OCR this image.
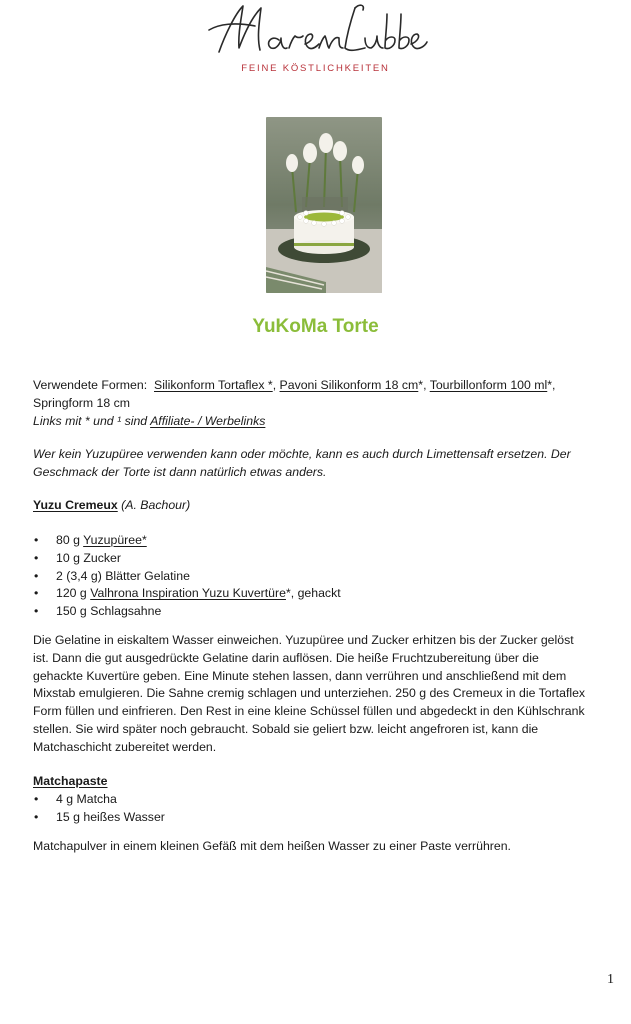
FEINE KÖSTLICHKEITEN
YuKoMa Torte
Verwendete Formen: Silikonform Tortaflex *, Pavoni Silikonform 18 cm*, Tourbillonform 100 ml*,
Springform 18 cm
Links mit * und ¹ sind Affiliate- / Werbelinks
Wer kein Yuzupüree verwenden kann oder möchte, kann es auch durch Limettensaft ersetzen. Der
Geschmack der Torte ist dann natürlich etwas anders.
Yuzu Cremeux (A. Bachour)
• 80 g Yuzupüree*
• 10 g Zucker
• 2 (3,4 g) Blätter Gelatine
• 120 g Valhrona Inspiration Yuzu Kuvertüre*, gehackt
• 150 g Schlagsahne
Die Gelatine in eiskaltem Wasser einweichen. Yuzupüree und Zucker erhitzen bis der Zucker gelöst
ist. Dann die gut ausgedrückte Gelatine darin auflösen. Die heiße Fruchtzubereitung über die
gehackte Kuvertüre geben. Eine Minute stehen lassen, dann verrühren und anschließend mit dem
Mixstab emulgieren. Die Sahne cremig schlagen und unterziehen. 250 g des Cremeux in die Tortaflex
Form füllen und einfrieren. Den Rest in eine kleine Schüssel füllen und abgedeckt in den Kühlschrank
stellen. Sie wird später noch gebraucht. Sobald sie geliert bzw. leicht angefroren ist, kann die
Matchaschicht zubereitet werden.
Matchapaste
• 4 g Matcha
• 15 g heißes Wasser
Matchapulver in einem kleinen Gefäß mit dem heißen Wasser zu einer Paste verrühren.
1
